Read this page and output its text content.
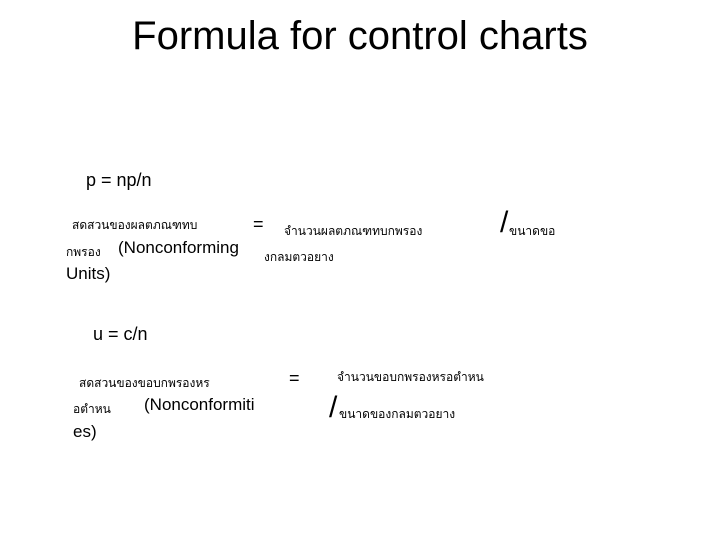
Formula for control charts
p = np/n
สดสวนของผลตภณฑทบ
กพรอง (Nonconforming
Units)
= จำนวนผลตภณฑทบกพรอง
งกลมตวอยาง
/ ขนาดขอ
u = c/n
สดสวนของขอบกพรองหร
อตำหน (Nonconformiti
es)
=	จำนวนขอบกพรองหรอตำหน
/ ขนาดของกลมตวอยาง
